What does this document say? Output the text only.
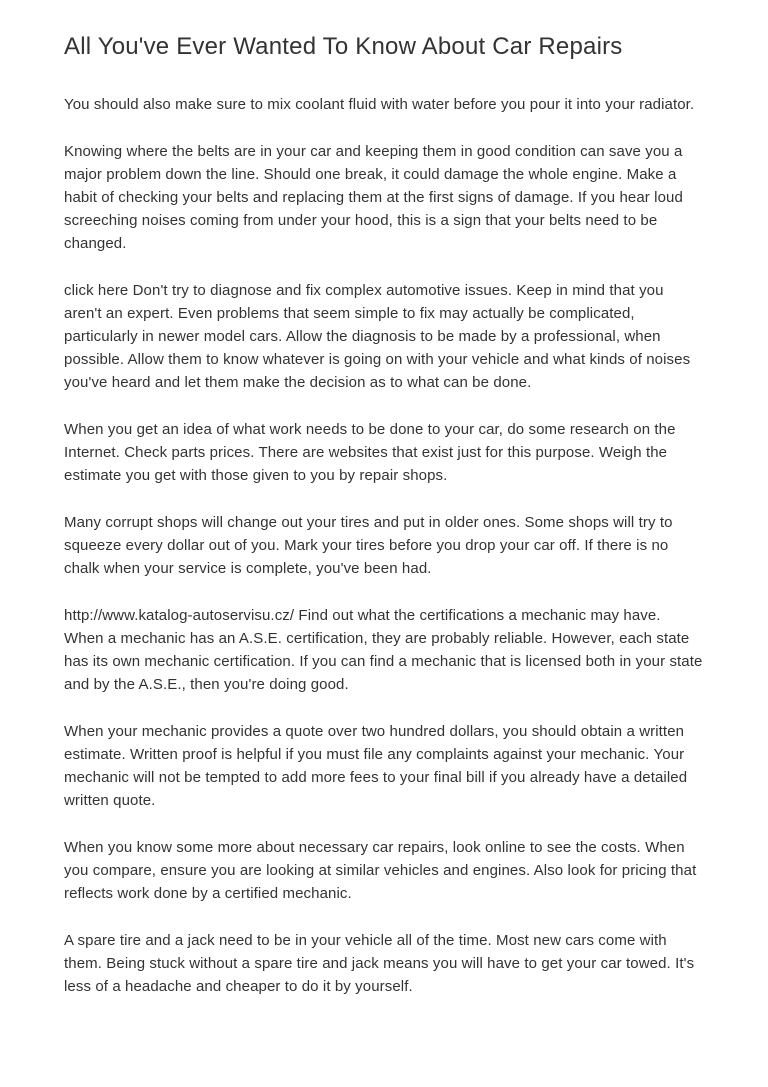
All You've Ever Wanted To Know About Car Repairs

You should also make sure to mix coolant fluid with water before you pour it into your radiator.

Knowing where the belts are in your car and keeping them in good condition can save you a major problem down the line. Should one break, it could damage the whole engine. Make a habit of checking your belts and replacing them at the first signs of damage. If you hear loud screeching noises coming from under your hood, this is a sign that your belts need to be changed.

click here Don't try to diagnose and fix complex automotive issues. Keep in mind that you aren't an expert. Even problems that seem simple to fix may actually be complicated, particularly in newer model cars. Allow the diagnosis to be made by a professional, when possible. Allow them to know whatever is going on with your vehicle and what kinds of noises you've heard and let them make the decision as to what can be done.

When you get an idea of what work needs to be done to your car, do some research on the Internet. Check parts prices. There are websites that exist just for this purpose. Weigh the estimate you get with those given to you by repair shops.

Many corrupt shops will change out your tires and put in older ones. Some shops will try to squeeze every dollar out of you. Mark your tires before you drop your car off. If there is no chalk when your service is complete, you've been had.

http://www.katalog-autoservisu.cz/ Find out what the certifications a mechanic may have. When a mechanic has an A.S.E. certification, they are probably reliable. However, each state has its own mechanic certification. If you can find a mechanic that is licensed both in your state and by the A.S.E., then you're doing good.

When your mechanic provides a quote over two hundred dollars, you should obtain a written estimate. Written proof is helpful if you must file any complaints against your mechanic. Your mechanic will not be tempted to add more fees to your final bill if you already have a detailed written quote.

When you know some more about necessary car repairs, look online to see the costs. When you compare, ensure you are looking at similar vehicles and engines. Also look for pricing that reflects work done by a certified mechanic.

A spare tire and a jack need to be in your vehicle all of the time. Most new cars come with them. Being stuck without a spare tire and jack means you will have to get your car towed. It's less of a headache and cheaper to do it by yourself.
